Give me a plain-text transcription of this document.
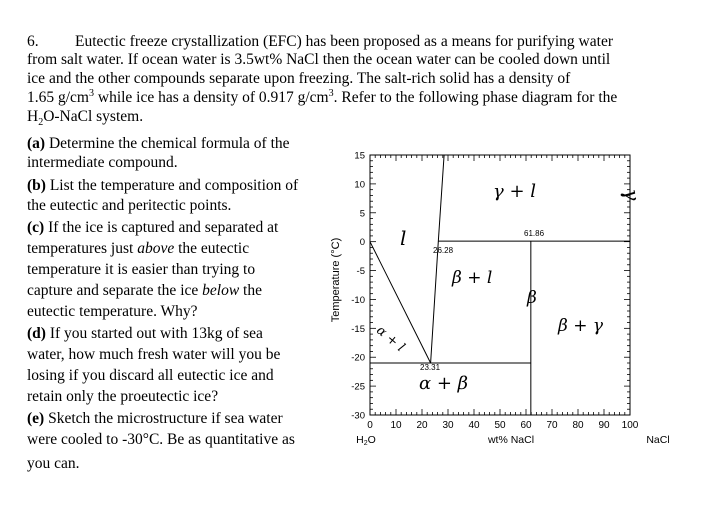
6. Eutectic freeze crystallization (EFC) has been proposed as a means for purifying water
from salt water. If ocean water is 3.5wt% NaCl then the ocean water can be cooled down until
ice and the other compounds separate upon freezing. The salt-rich solid has a density of
1.65 $g/cm^3$ while ice has a density of 0.917 $g/cm^3$. Refer to the following phase diagram for the
$H_2O$-NaCl system.
(a) Determine the chemical formula of the
intermediate compound.
(b) List the temperature and composition of
the eutectic and peritectic points.
(c) If the ice is captured and separated at
temperatures just above the eutectic
temperature it is easier than trying to
capture and separate the ice below the
eutectic temperature. Why?
(d) If you started out with 13kg of sea
water, how much fresh water will you be
losing if you discard all eutectic ice and
retain only the proeutectic ice?
(e) Sketch the microstructure if sea water
were cooled to -30°C. Be as quantitative as
you can.
15
10
5
0
-5
-10
-15
-20
-25
-30
0 10 20 30 40 50 60 70 80 90 100
Temperature (°C)
wt% NaCl
H2O	NaCl
26.28
23.31
61.86
l
γ + l
α + l
β + l
β
β + γ
α + β
γ
